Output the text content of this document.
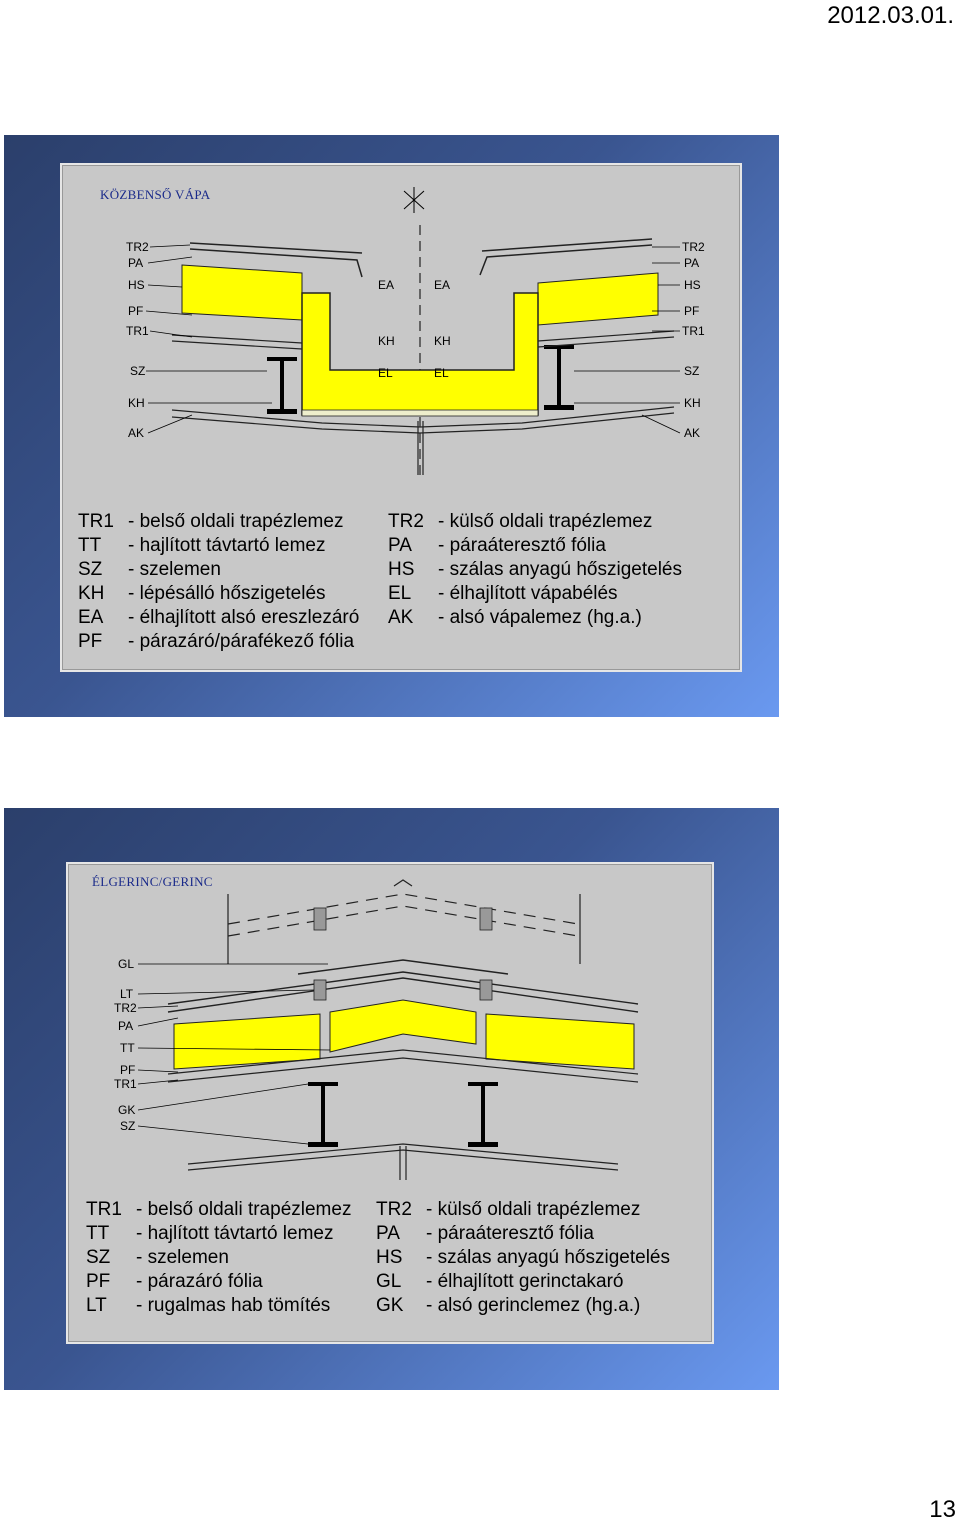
2012.03.01.
KÖZBENSŐ VÁPA
TR2
PA
HS
PF
TR1
SZ
KH
AK
TR2
PA
HS
PF
TR1
SZ
KH
AK
EA
KH
EL
EA
KH
EL
TR1 - belső oldali trapézlemez
TT	- hajlított távtartó lemez
SZ	- szelemen
KH	- lépésálló hőszigetelés
EA	- élhajlított alsó ereszlezáró
PF	- párazáró/párafékező fólia
TR2 - külső oldali trapézlemez
PA	- páraáteresztő fólia
HS	- szálas anyagú hőszigetelés
EL	- élhajlított vápabélés
AK	- alsó vápalemez (hg.a.)
ÉLGERINC/GERINC
GL
LT
TR2
PA
TT
PF
TR1
GK
SZ
TR1 - belső oldali trapézlemez
TT	- hajlított távtartó lemez
SZ	- szelemen
PF	- párazáró fólia
LT	- rugalmas hab tömítés
TR2 - külső oldali trapézlemez
PA	- páraáteresztő fólia
HS	- szálas anyagú hőszigetelés
GL	- élhajlított gerinctakaró
GK	- alsó gerinclemez (hg.a.)
13
